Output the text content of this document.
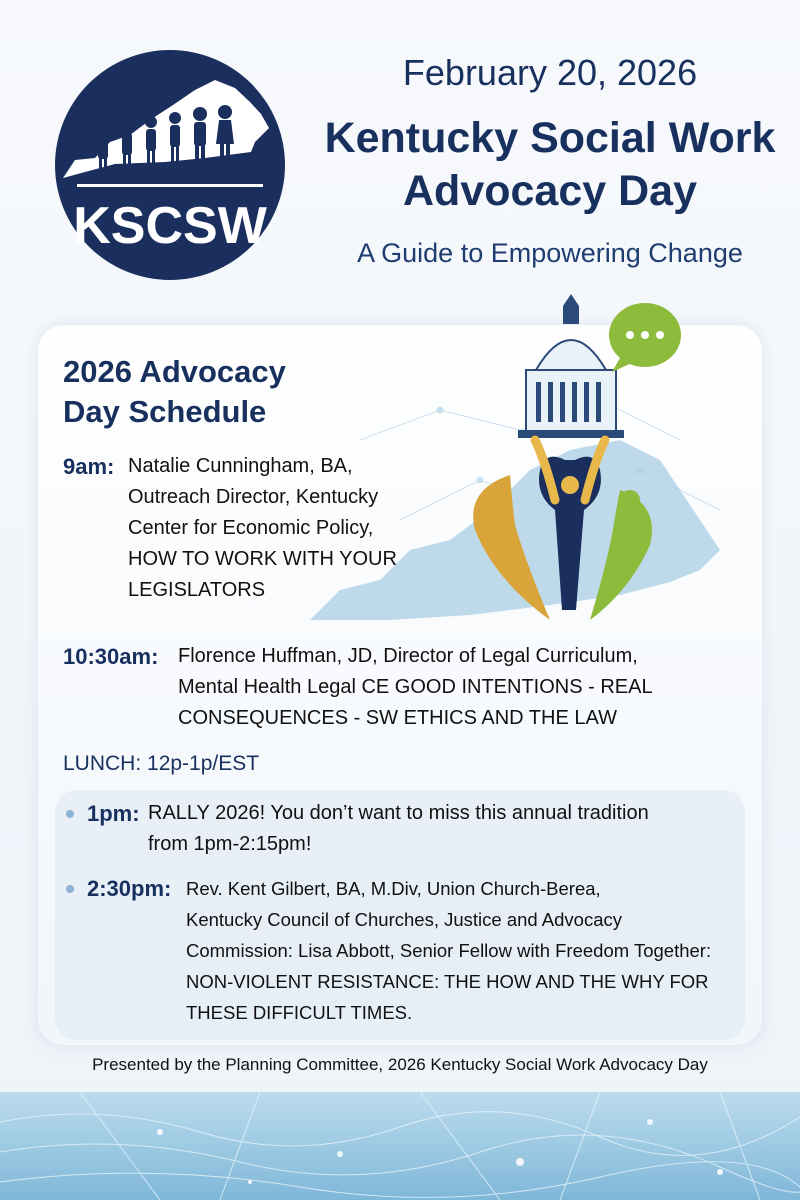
KSCSW
February 20, 2026
Kentucky Social Work
Advocacy Day
A Guide to Empowering Change
2026 Advocacy
Day Schedule
9am: Natalie Cunningham, BA,
Outreach Director, Kentucky
Center for Economic Policy,
HOW TO WORK WITH YOUR
LEGISLATORS
10:30am: Florence Huffman, JD, Director of Legal Curriculum,
Mental Health Legal CE GOOD INTENTIONS - REAL
CONSEQUENCES - SW ETHICS AND THE LAW
LUNCH: 12p-1p/EST
1pm: RALLY 2026! You don’t want to miss this annual tradition
from 1pm-2:15pm!
2:30pm: Rev. Kent Gilbert, BA, M.Div, Union Church-Berea,
Kentucky Council of Churches, Justice and Advocacy
Commission: Lisa Abbott, Senior Fellow with Freedom Together:
NON-VIOLENT RESISTANCE: THE HOW AND THE WHY FOR
THESE DIFFICULT TIMES.
Presented by the Planning Committee, 2026 Kentucky Social Work Advocacy Day
